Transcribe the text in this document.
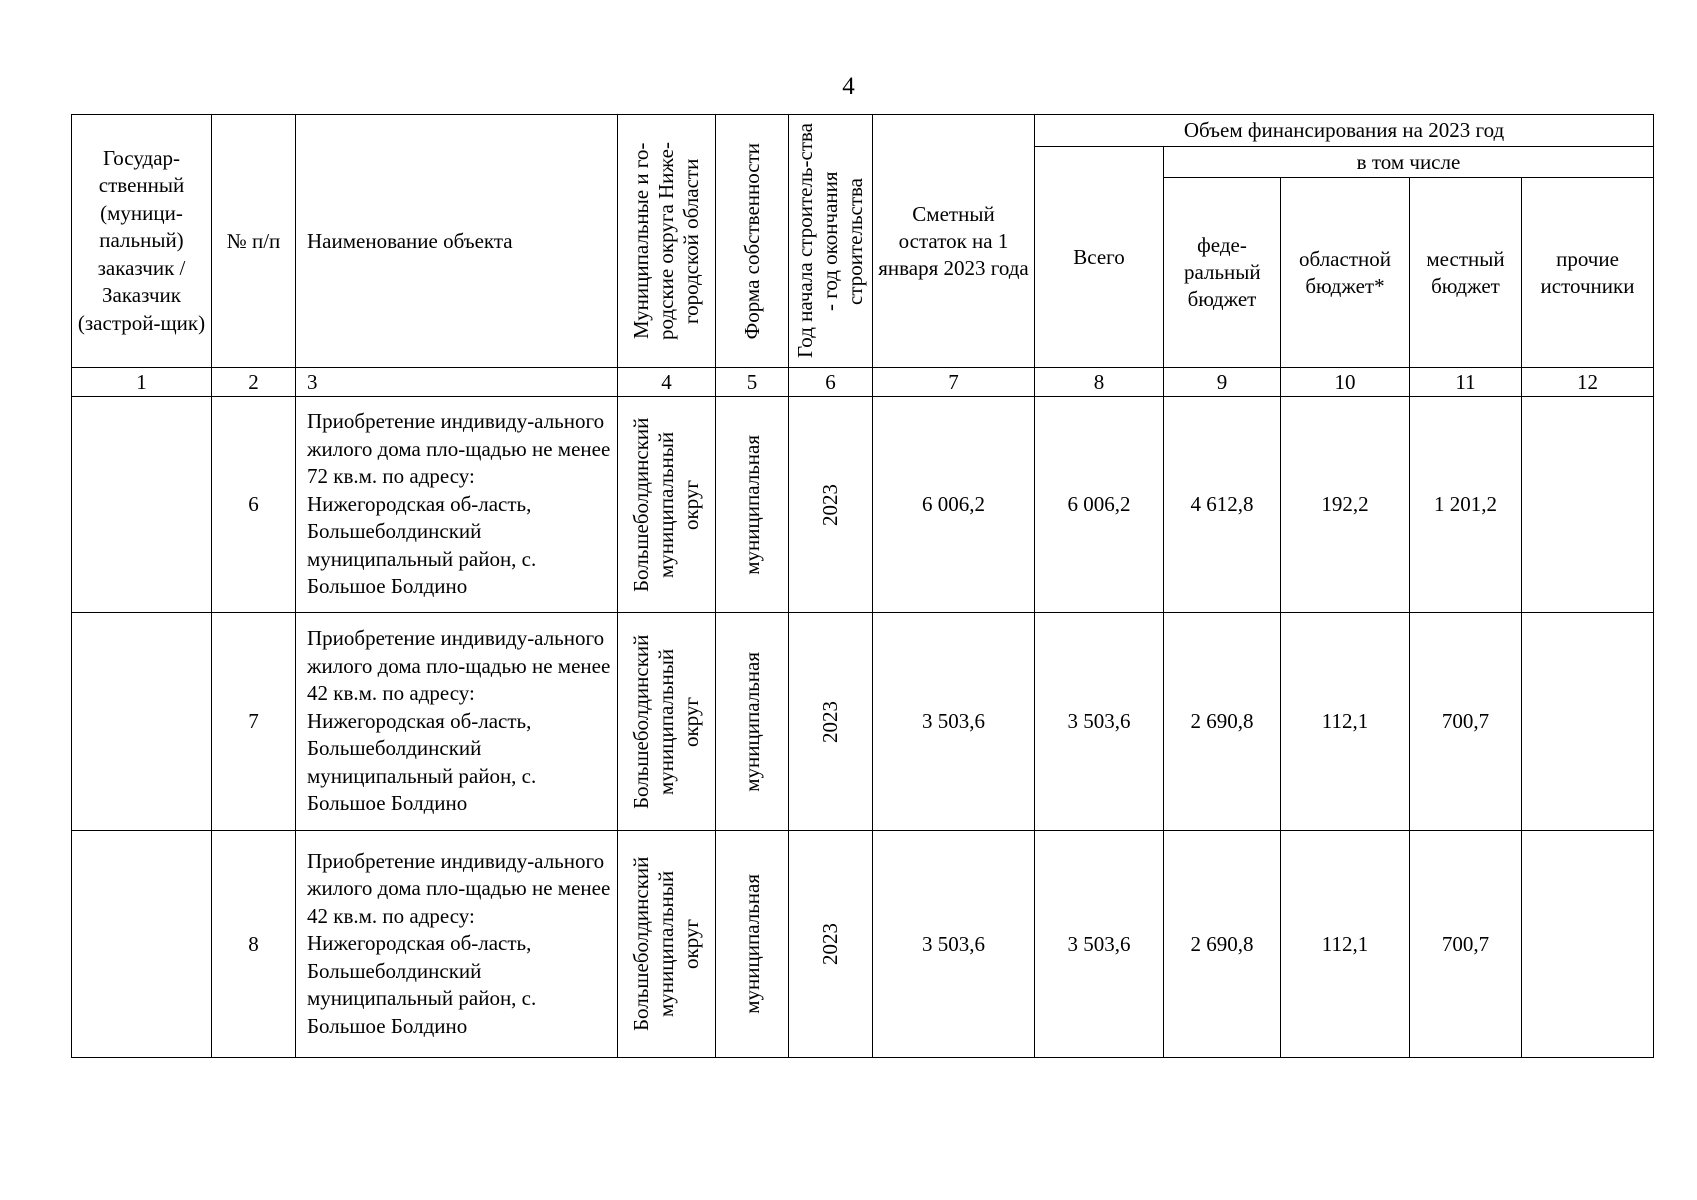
4
Государ-ственный (муници-пальный) заказчик / Заказчик (застрой-щик)	№ п/п	Наименование объекта	Муниципальные и го-родские округа Ниже-городской области	Форма собственности	Год начала строитель-ства - год окончания строительства	Сметный остаток на 1 января 2023 года	Объем финансирования на 2023 год				
							Всего	в том числе			

								феде-ральный бюджет	областной бюджет*	местный бюджет	прочие источники

1	2	3	4	5	6	7	8	9	10	11	12
	6	Приобретение индивиду-ального жилого дома пло-щадью не менее 72 кв.м. по адресу: Нижегородская об-ласть, Большеболдинский муниципальный район, с. Большое Болдино	Большеболдинский муниципальный округ	муниципальная	2023	6 006,2	6 006,2	4 612,8	192,2	1 201,2	
	7	Приобретение индивиду-ального жилого дома пло-щадью не менее 42 кв.м. по адресу: Нижегородская об-ласть, Большеболдинский муниципальный район, с. Большое Болдино	Большеболдинский муниципальный округ	муниципальная	2023	3 503,6	3 503,6	2 690,8	112,1	700,7	
	8	Приобретение индивиду-ального жилого дома пло-щадью не менее 42 кв.м. по адресу: Нижегородская об-ласть, Большеболдинский муниципальный район, с. Большое Болдино	Большеболдинский муниципальный округ	муниципальная	2023	3 503,6	3 503,6	2 690,8	112,1	700,7	
